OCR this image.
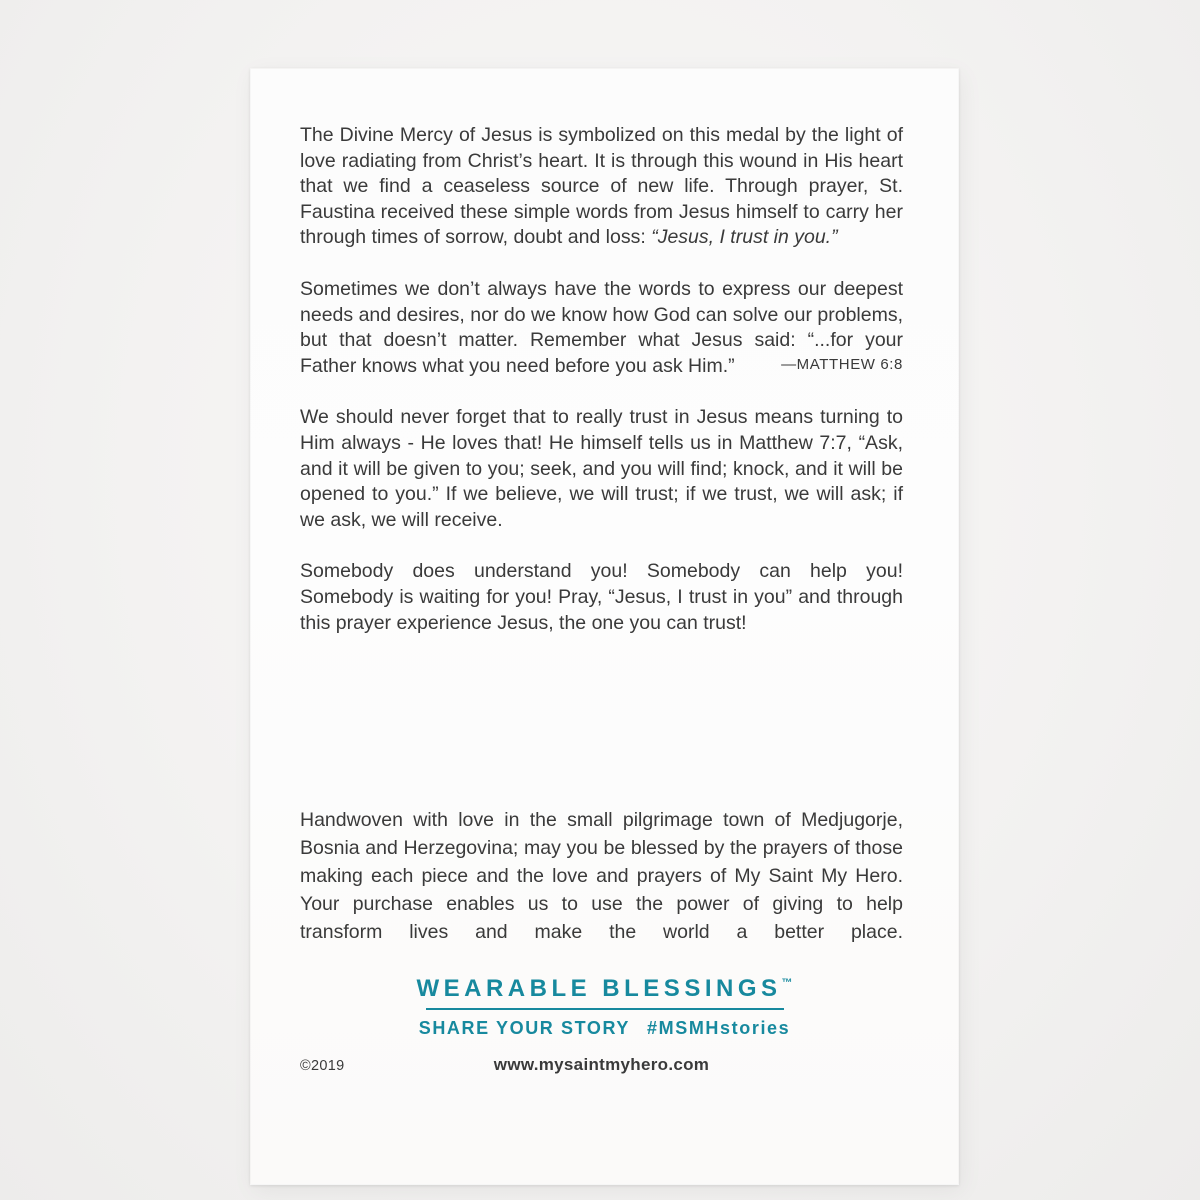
The Divine Mercy of Jesus is symbolized on this medal by the light of love radiating from Christ’s heart. It is through this wound in His heart that we find a ceaseless source of new life. Through prayer, St. Faustina received these simple words from Jesus himself to carry her through times of sorrow, doubt and loss: “Jesus, I trust in you.”

Sometimes we don’t always have the words to express our deepest needs and desires, nor do we know how God can solve our problems, but that doesn’t matter. Remember what Jesus said: “...for your Father knows what you need before you ask Him.”	—MATTHEW 6:8

We should never forget that to really trust in Jesus means turning to Him always - He loves that! He himself tells us in Matthew 7:7, “Ask, and it will be given to you; seek, and you will find; knock, and it will be opened to you.” If we believe, we will trust; if we trust, we will ask; if we ask, we will receive.

Somebody does understand you! Somebody can help you! Somebody is waiting for you! Pray, “Jesus, I trust in you” and through this prayer experience Jesus, the one you can trust!

Handwoven with love in the small pilgrimage town of Medjugorje, Bosnia and Herzegovina; may you be blessed by the prayers of those making each piece and the love and prayers of My Saint My Hero. Your purchase enables us to use the power of giving to help transform lives and make the world a better place.

WEARABLE BLESSINGS™
SHARE YOUR STORY #MSMHstories
©2019	www.mysaintmyhero.com
